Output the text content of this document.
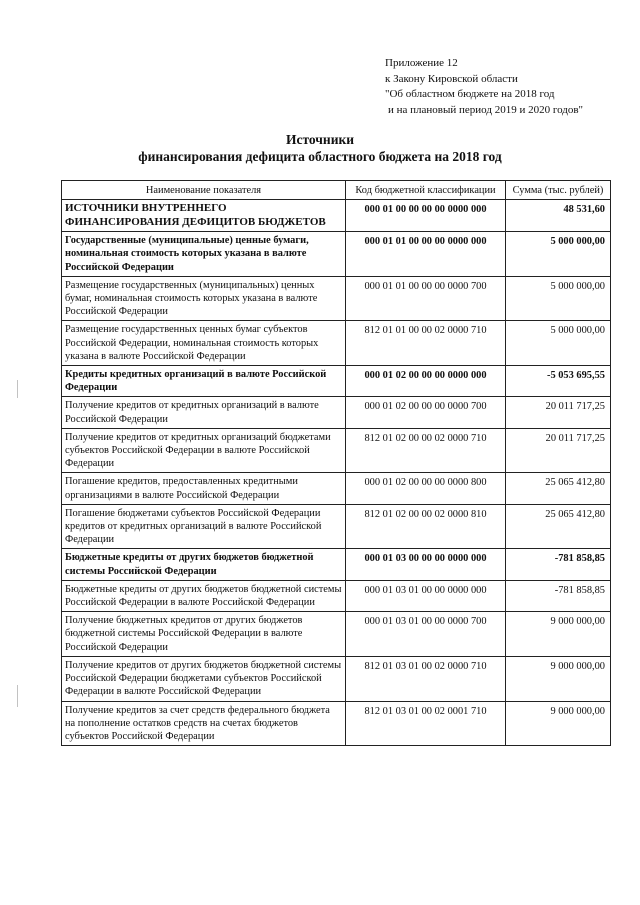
Приложение 12
к Закону Кировской области
"Об областном бюджете на 2018 год
и на плановый период 2019 и 2020 годов"
Источники
финансирования дефицита областного бюджета на 2018 год
Наименование показателя	Код бюджетной классификации	Сумма (тыс. рублей)
ИСТОЧНИКИ ВНУТРЕННЕГО ФИНАНСИРОВАНИЯ ДЕФИЦИТОВ БЮДЖЕТОВ	000 01 00 00 00 00 0000 000	48 531,60
Государственные (муниципальные) ценные бумаги, номинальная стоимость которых указана в валюте Российской Федерации	000 01 01 00 00 00 0000 000	5 000 000,00
Размещение государственных (муниципальных) ценных бумаг, номинальная стоимость которых указана в валюте Российской Федерации	000 01 01 00 00 00 0000 700	5 000 000,00
Размещение государственных ценных бумаг субъектов Российской Федерации, номинальная стоимость которых указана в валюте Российской Федерации	812 01 01 00 00 02 0000 710	5 000 000,00
Кредиты кредитных организаций в валюте Российской Федерации	000 01 02 00 00 00 0000 000	-5 053 695,55
Получение кредитов от кредитных организаций в валюте Российской Федерации	000 01 02 00 00 00 0000 700	20 011 717,25
Получение кредитов от кредитных организаций бюджетами субъектов Российской Федерации в валюте Российской Федерации	812 01 02 00 00 02 0000 710	20 011 717,25
Погашение кредитов, предоставленных кредитными организациями в валюте Российской Федерации	000 01 02 00 00 00 0000 800	25 065 412,80
Погашение бюджетами субъектов Российской Федерации кредитов от кредитных организаций в валюте Российской Федерации	812 01 02 00 00 02 0000 810	25 065 412,80
Бюджетные кредиты от других бюджетов бюджетной системы Российской Федерации	000 01 03 00 00 00 0000 000	-781 858,85
Бюджетные кредиты от других бюджетов бюджетной системы Российской Федерации в валюте Российской Федерации	000 01 03 01 00 00 0000 000	-781 858,85
Получение бюджетных кредитов от других бюджетов бюджетной системы Российской Федерации в валюте Российской Федерации	000 01 03 01 00 00 0000 700	9 000 000,00
Получение кредитов от других бюджетов бюджетной системы Российской Федерации бюджетами субъектов Российской Федерации в валюте Российской Федерации	812 01 03 01 00 02 0000 710	9 000 000,00
Получение кредитов за счет средств федерального бюджета на пополнение остатков средств на счетах бюджетов субъектов Российской Федерации	812 01 03 01 00 02 0001 710	9 000 000,00
